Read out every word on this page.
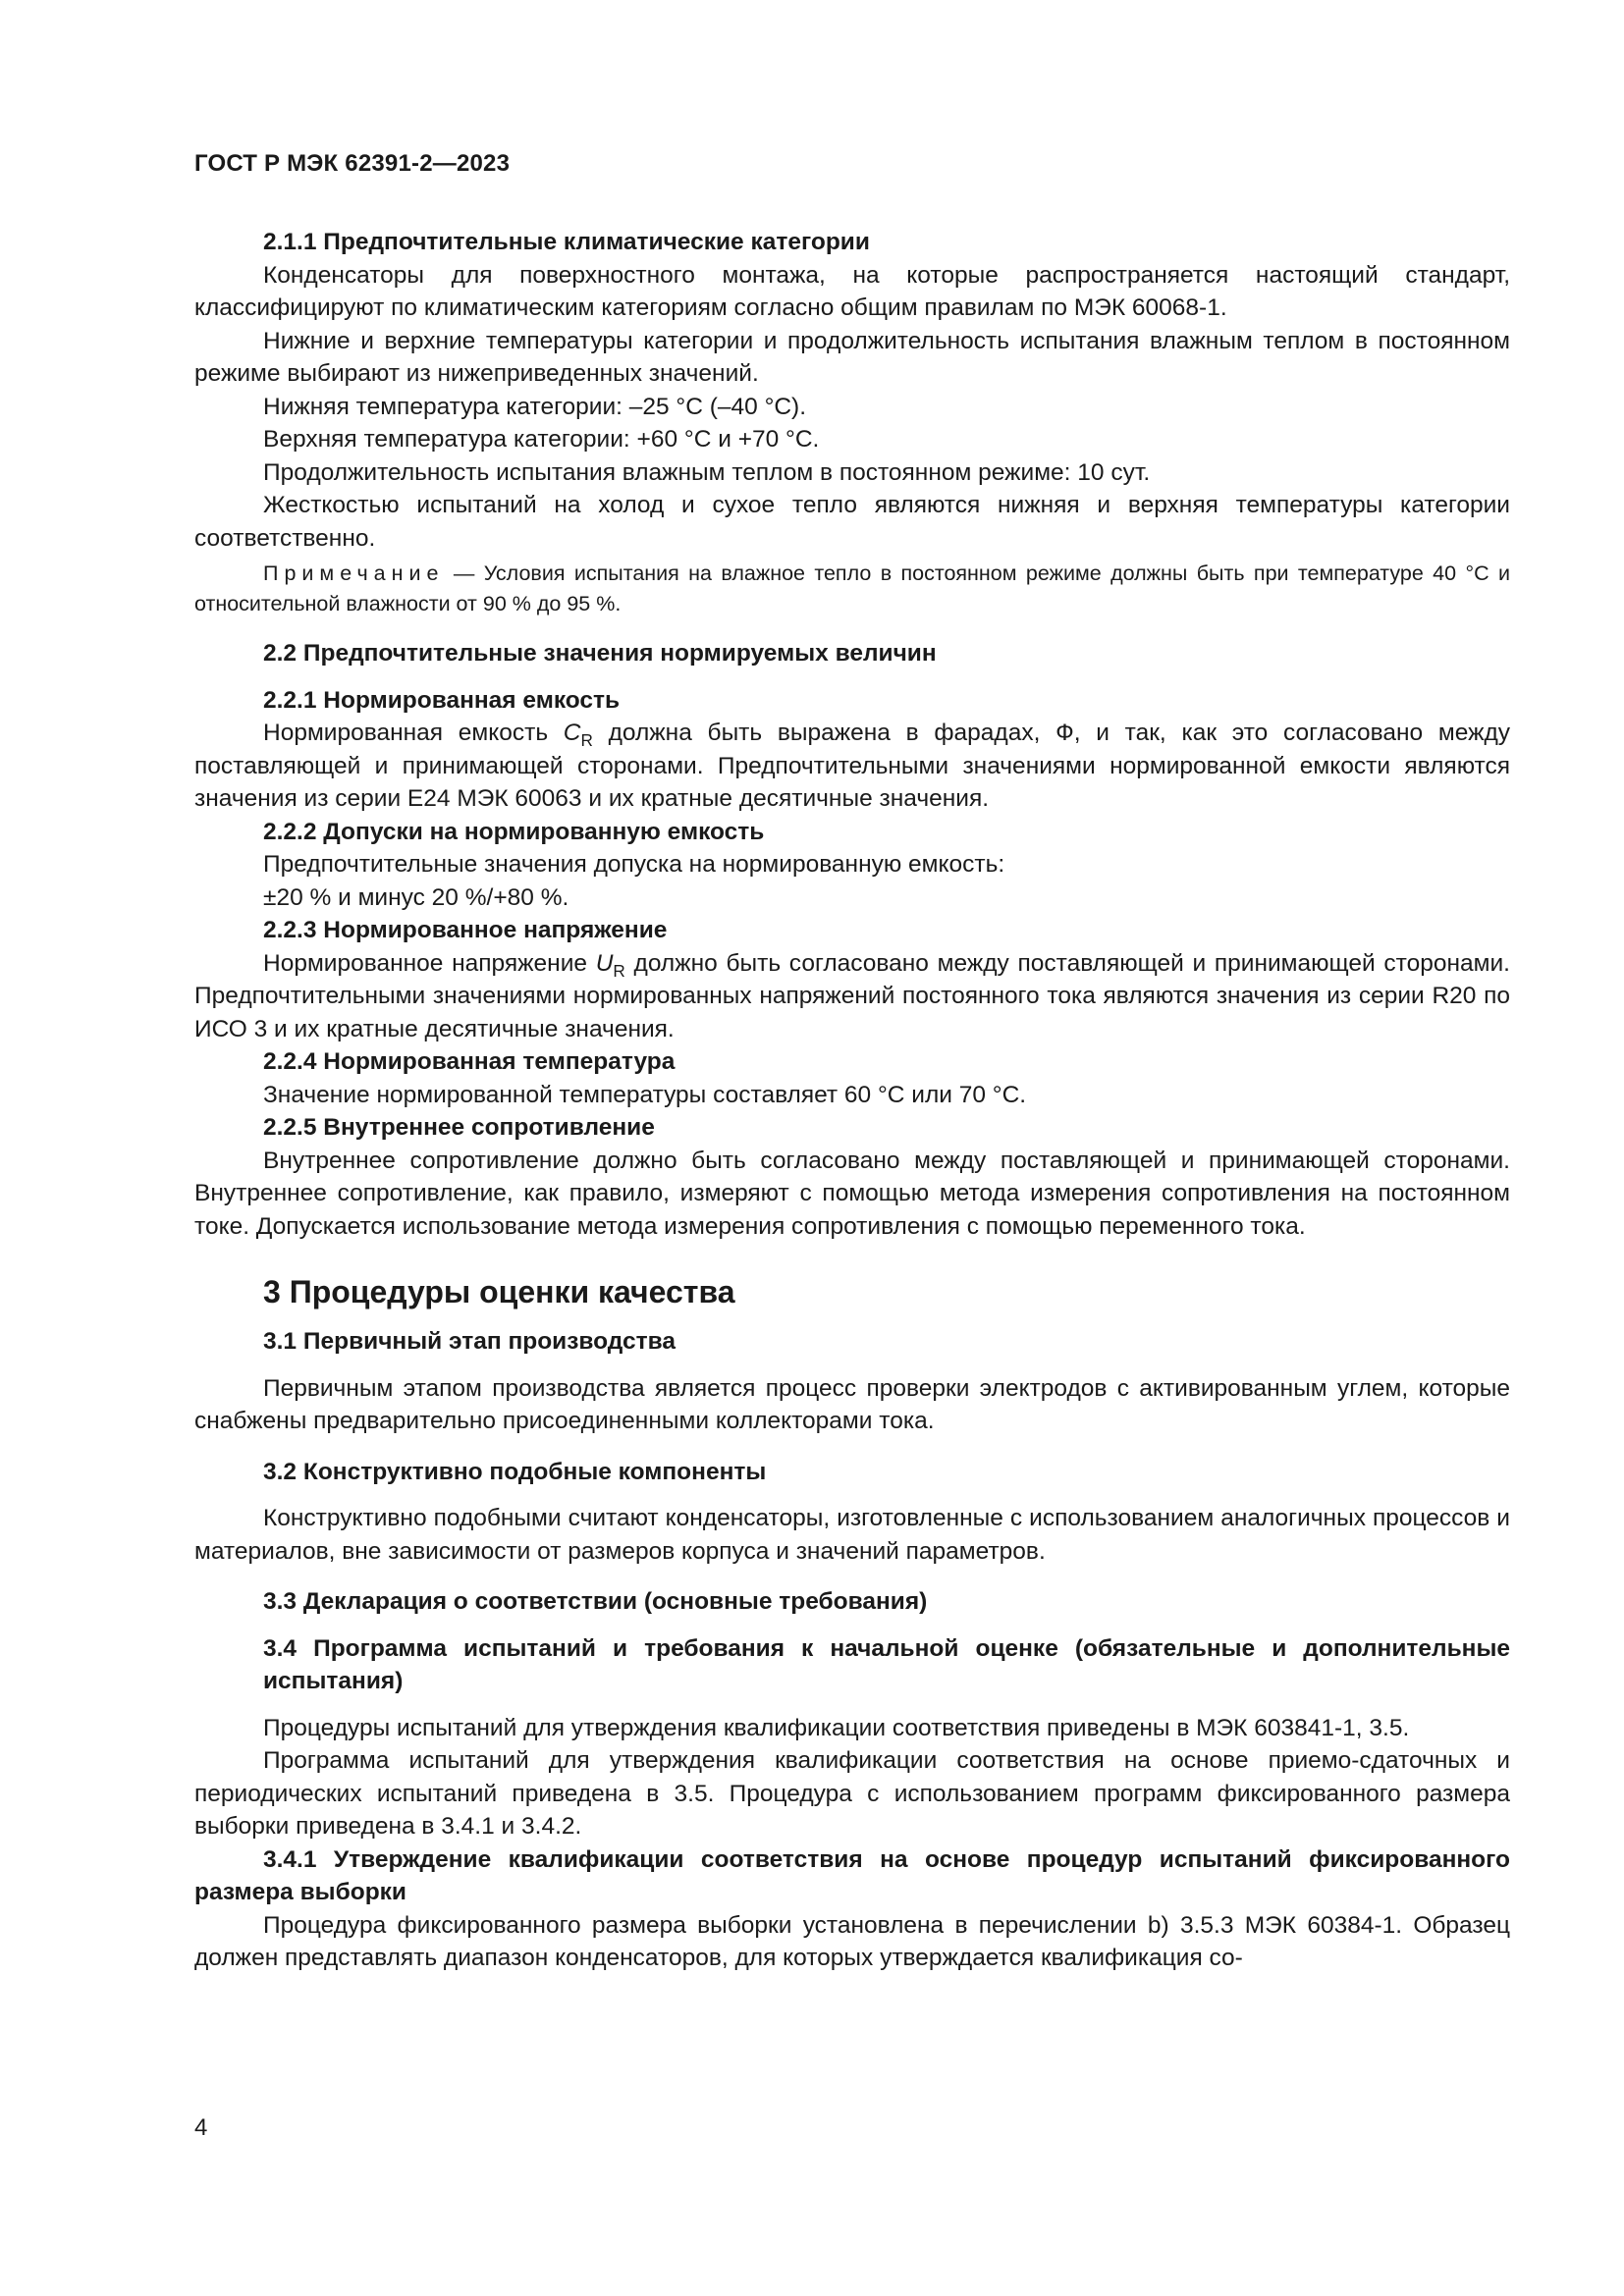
ГОСТ Р МЭК 62391-2—2023

2.1.1 Предпочтительные климатические категории

Конденсаторы для поверхностного монтажа, на которые распространяется настоящий стандарт, классифицируют по климатическим категориям согласно общим правилам по МЭК 60068-1.

Нижние и верхние температуры категории и продолжительность испытания влажным теплом в постоянном режиме выбирают из нижеприведенных значений.

Нижняя температура категории: –25 °С (–40 °С).

Верхняя температура категории: +60 °С и +70 °С.

Продолжительность испытания влажным теплом в постоянном режиме: 10 сут.

Жесткостью испытаний на холод и сухое тепло являются нижняя и верхняя температуры категории соответственно.

Примечание — Условия испытания на влажное тепло в постоянном режиме должны быть при температуре 40 °С и относительной влажности от 90 % до 95 %.

2.2 Предпочтительные значения нормируемых величин

2.2.1 Нормированная емкость

Нормированная емкость $C_R$ должна быть выражена в фарадах, Ф, и так, как это согласовано между поставляющей и принимающей сторонами. Предпочтительными значениями нормированной емкости являются значения из серии E24 МЭК 60063 и их кратные десятичные значения.

2.2.2 Допуски на нормированную емкость

Предпочтительные значения допуска на нормированную емкость:

±20 % и минус 20 %/+80 %.

2.2.3 Нормированное напряжение

Нормированное напряжение $U_R$ должно быть согласовано между поставляющей и принимающей сторонами. Предпочтительными значениями нормированных напряжений постоянного тока являются значения из серии R20 по ИСО 3 и их кратные десятичные значения.

2.2.4 Нормированная температура

Значение нормированной температуры составляет 60 °С или 70 °С.

2.2.5 Внутреннее сопротивление

Внутреннее сопротивление должно быть согласовано между поставляющей и принимающей сторонами. Внутреннее сопротивление, как правило, измеряют с помощью метода измерения сопротивления на постоянном токе. Допускается использование метода измерения сопротивления с помощью переменного тока.

3 Процедуры оценки качества

3.1 Первичный этап производства

Первичным этапом производства является процесс проверки электродов с активированным углем, которые снабжены предварительно присоединенными коллекторами тока.

3.2 Конструктивно подобные компоненты

Конструктивно подобными считают конденсаторы, изготовленные с использованием аналогичных процессов и материалов, вне зависимости от размеров корпуса и значений параметров.

3.3 Декларация о соответствии (основные требования)

3.4 Программа испытаний и требования к начальной оценке (обязательные и дополнительные испытания)

Процедуры испытаний для утверждения квалификации соответствия приведены в МЭК 603841-1, 3.5.

Программа испытаний для утверждения квалификации соответствия на основе приемо-сдаточных и периодических испытаний приведена в 3.5. Процедура с использованием программ фиксированного размера выборки приведена в 3.4.1 и 3.4.2.

3.4.1 Утверждение квалификации соответствия на основе процедур испытаний фиксированного размера выборки

Процедура фиксированного размера выборки установлена в перечислении b) 3.5.3 МЭК 60384-1. Образец должен представлять диапазон конденсаторов, для которых утверждается квалификация со-

4
